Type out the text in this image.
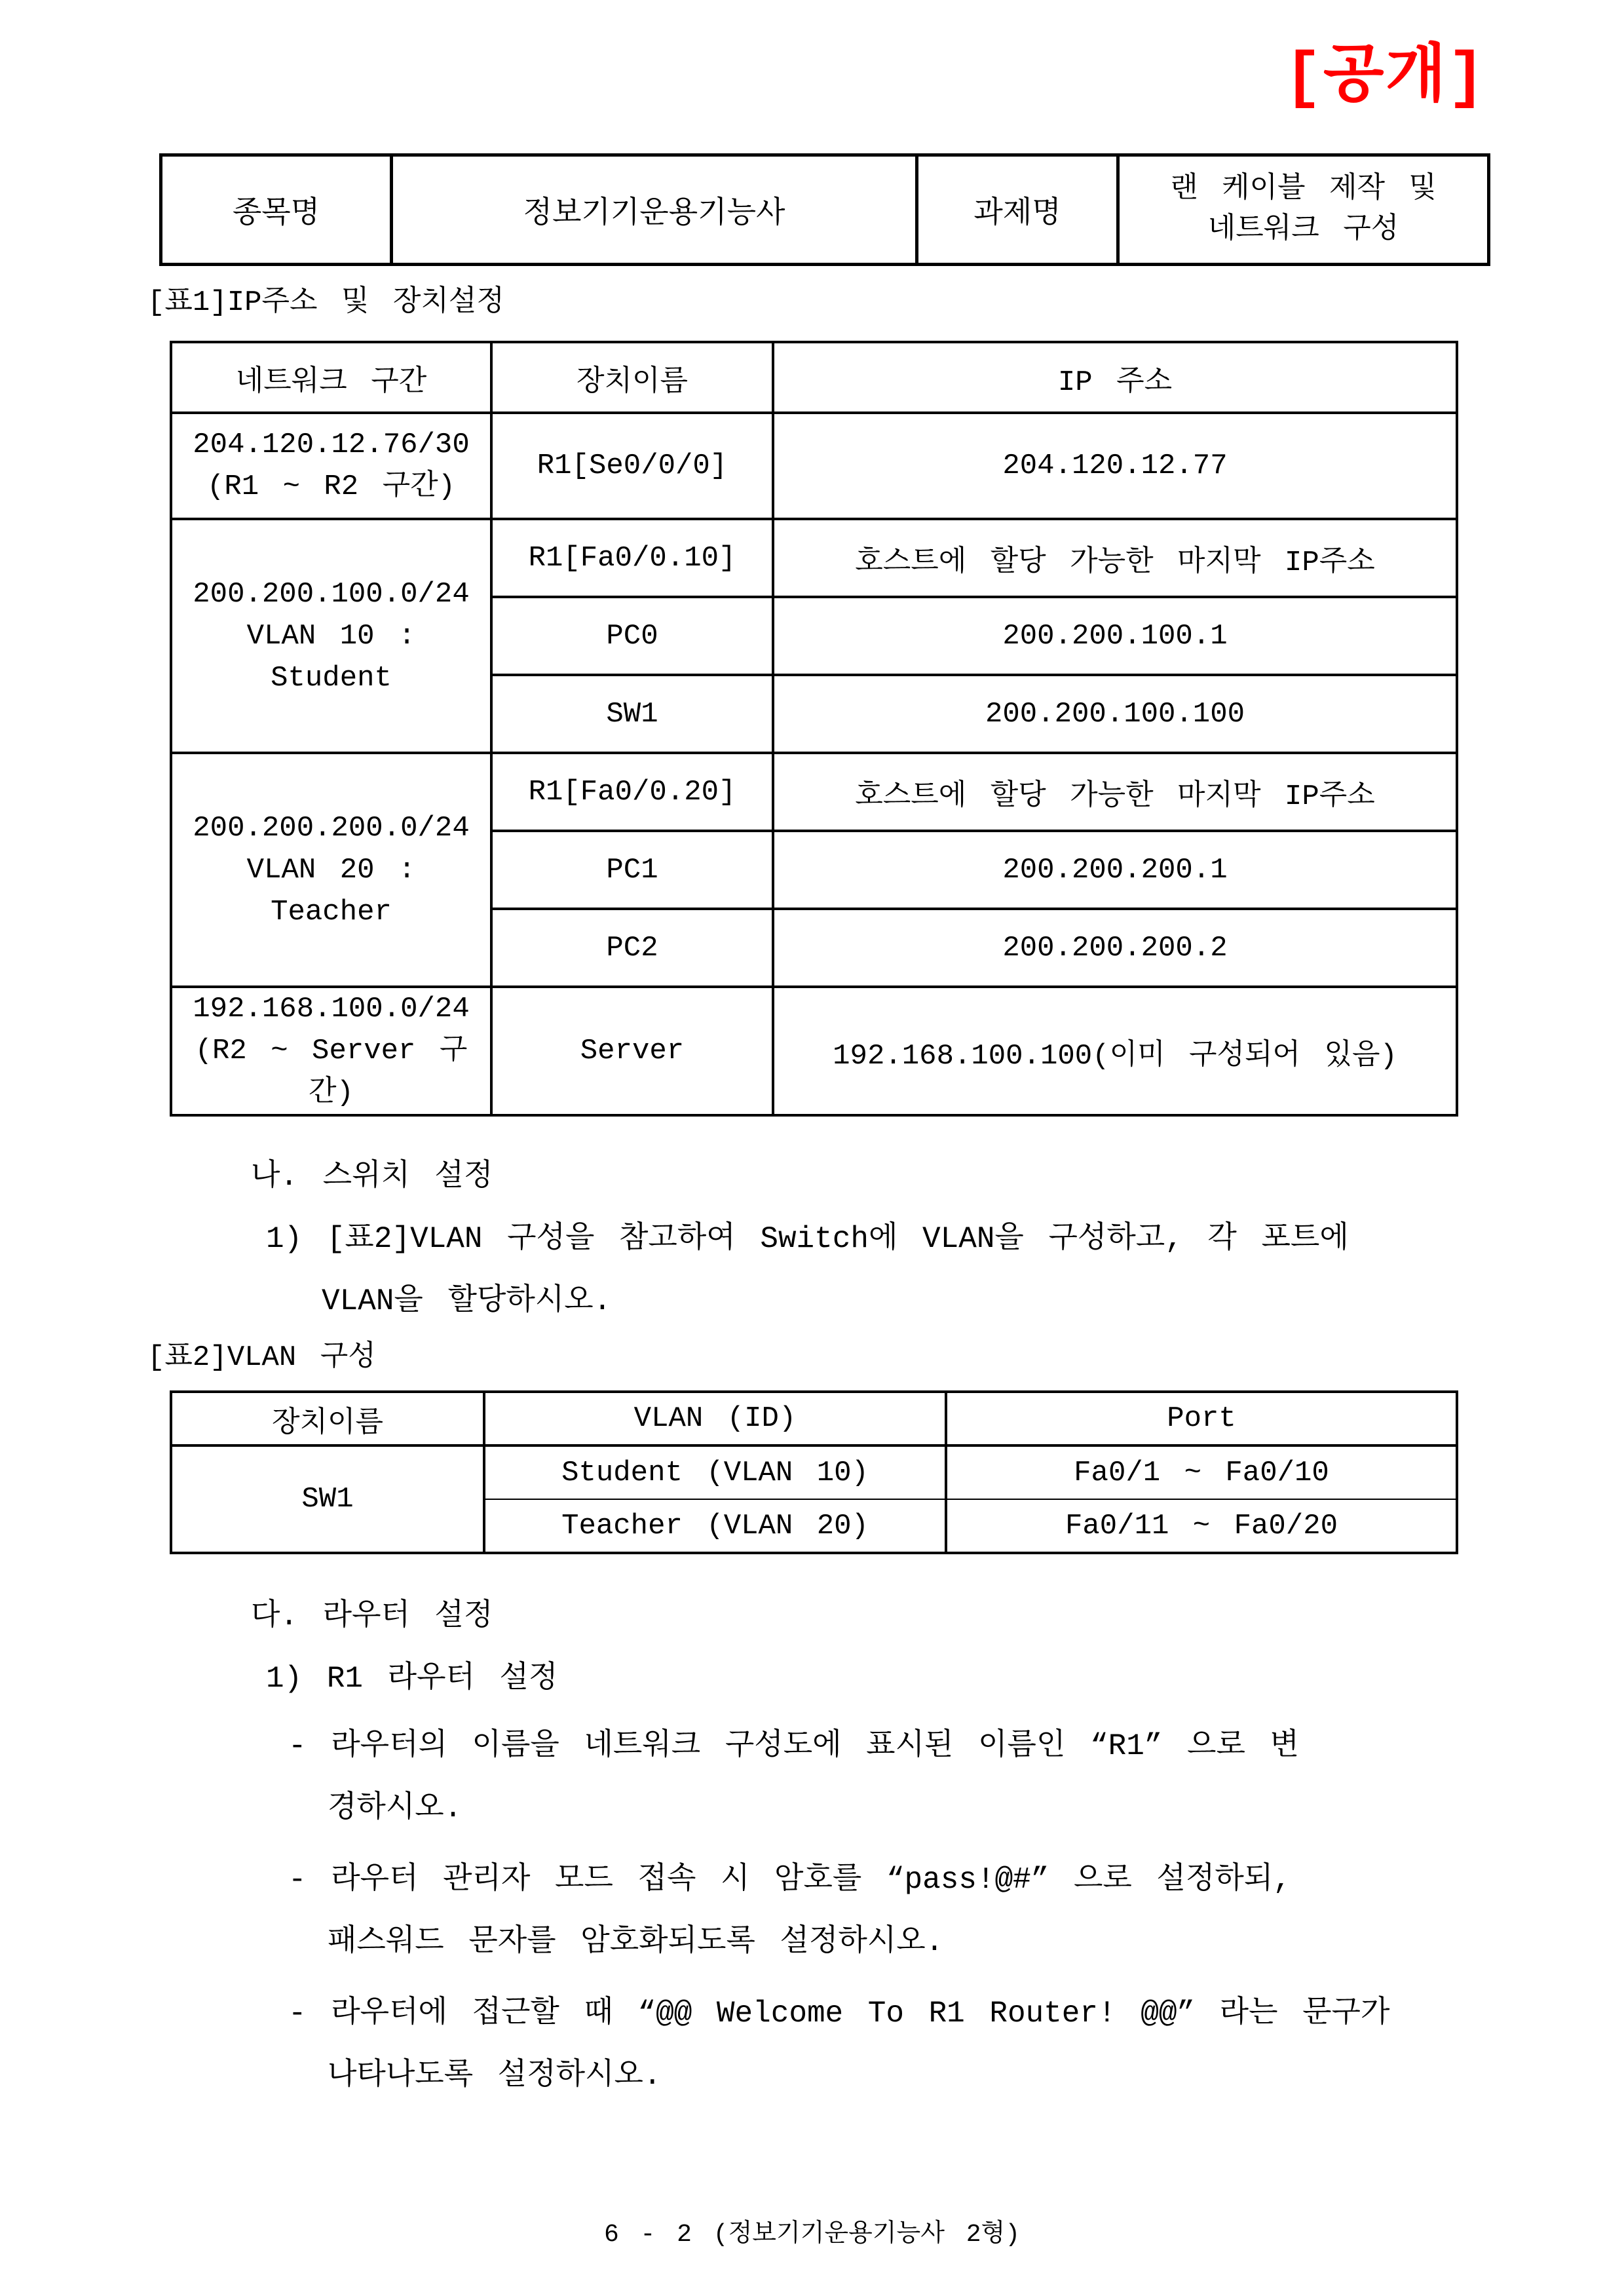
[공개]
종목명	정보기기운용기능사	과제명	
랜 케이블 제작 및
네트워크 구성
[표1]IP주소 및 장치설정
네트워크 구간	장치이름	IP 주소

204.120.12.76/30
(R1 ~ R2 구간)	R1[Se0/0/0]	204.120.12.77

200.200.100.0/24
VLAN 10 : Student	R1[Fa0/0.10]	호스트에 할당 가능한 마지막 IP주소
	PC0	200.200.100.1
	SW1	200.200.100.100

200.200.200.0/24
VLAN 20 : Teacher	R1[Fa0/0.20]	호스트에 할당 가능한 마지막 IP주소
	PC1	200.200.200.1
	PC2	200.200.200.2

192.168.100.0/24
(R2 ~ Server 구간)	Server	192.168.100.100(이미 구성되어 있음)
나. 스위치 설정
1) [표2]VLAN 구성을 참고하여 Switch에 VLAN을 구성하고, 각 포트에
VLAN을 할당하시오.
[표2]VLAN 구성
장치이름	VLAN (ID)	Port
SW1	Student (VLAN 10)	Fa0/1 ~ Fa0/10
	Teacher (VLAN 20)	Fa0/11 ~ Fa0/20
다. 라우터 설정
1) R1 라우터 설정
- 라우터의 이름을 네트워크 구성도에 표시된 이름인 “R1” 으로 변
경하시오.
- 라우터 관리자 모드 접속 시 암호를 “pass!@#” 으로 설정하되,
패스워드 문자를 암호화되도록 설정하시오.
- 라우터에 접근할 때 “@@ Welcome To R1 Router! @@” 라는 문구가
나타나도록 설정하시오.
6 - 2 (정보기기운용기능사 2형)
